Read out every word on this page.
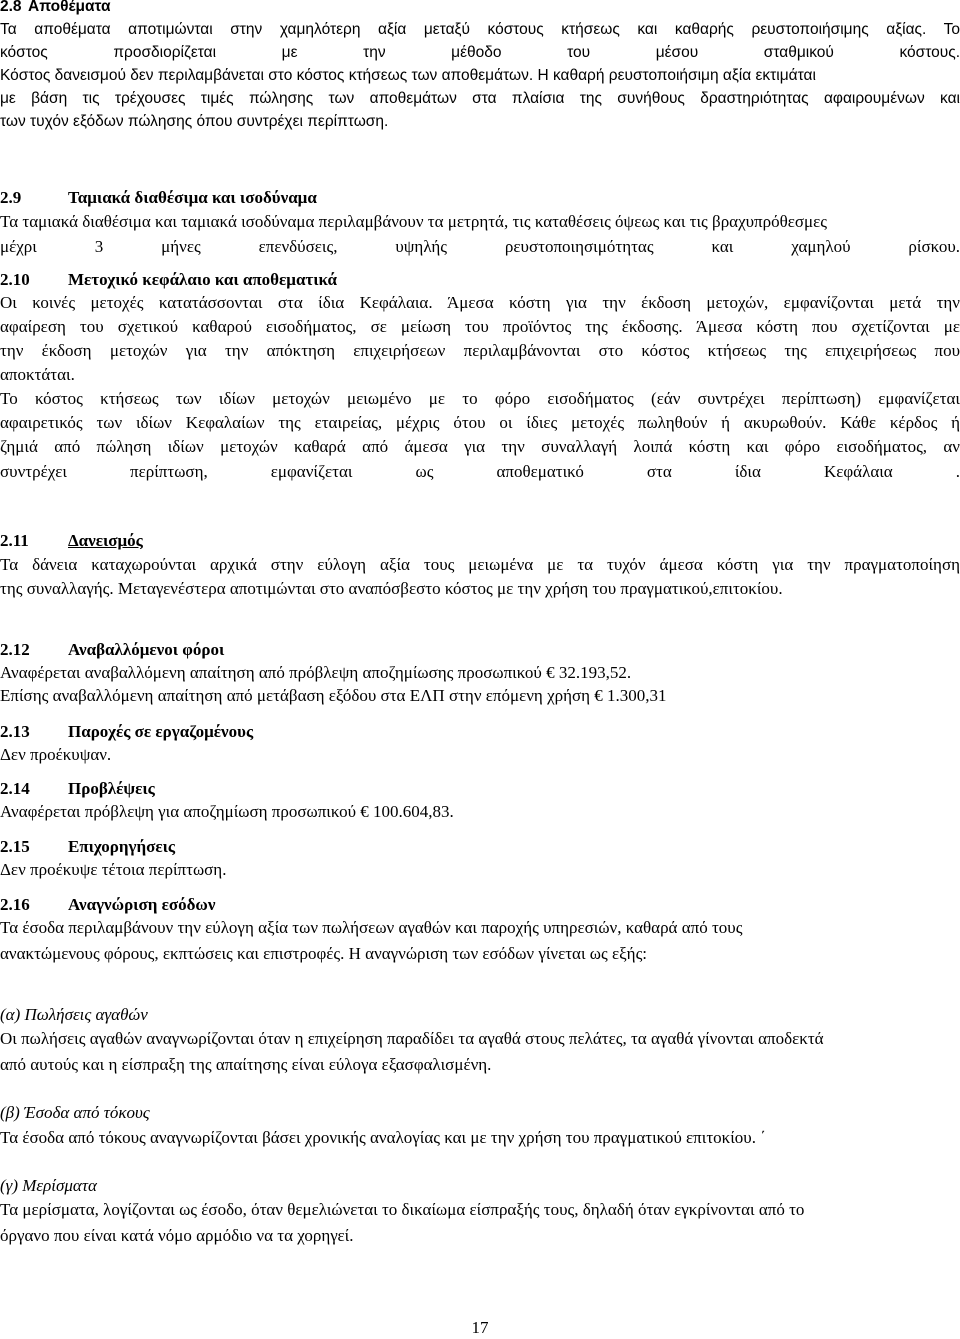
2.8 Αποθέματα
Τα αποθέματα αποτιμώνται στην χαμηλότερη αξία μεταξύ κόστους κτήσεως και καθαρής ρευστοποιήσιμης αξίας. Το
κόστος προσδιορίζεται με την μέθοδο του μέσου σταθμικού κόστους.
Κόστος δανεισμού δεν περιλαμβάνεται στο κόστος κτήσεως των αποθεμάτων. Η καθαρή ρευστοποιήσιμη αξία εκτιμάται
με βάση τις τρέχουσες τιμές πώλησης των αποθεμάτων στα πλαίσια της συνήθους δραστηριότητας αφαιρουμένων και
των τυχόν εξόδων πώλησης όπου συντρέχει περίπτωση.
2.9	Ταμιακά διαθέσιμα και ισοδύναμα
Τα ταμιακά διαθέσιμα και ταμιακά ισοδύναμα περιλαμβάνουν τα μετρητά, τις καταθέσεις όψεως και τις βραχυπρόθεσμες
μέχρι 3 μήνες επενδύσεις, υψηλής ρευστοποιησιμότητας και χαμηλού ρίσκου.
2.10 Μετοχικό κεφάλαιο και αποθεματικά
Οι κοινές μετοχές κατατάσσονται στα ίδια Κεφάλαια. Άμεσα κόστη για την έκδοση μετοχών, εμφανίζονται μετά την
αφαίρεση του σχετικού καθαρού εισοδήματος, σε μείωση του προϊόντος της έκδοσης. Άμεσα κόστη που σχετίζονται με
την έκδοση μετοχών για την απόκτηση επιχειρήσεων περιλαμβάνονται στο κόστος κτήσεως της επιχειρήσεως που
αποκτάται.
Το κόστος κτήσεως των ιδίων μετοχών μειωμένο με το φόρο εισοδήματος (εάν συντρέχει περίπτωση) εμφανίζεται
αφαιρετικός των ιδίων Κεφαλαίων της εταιρείας, μέχρις ότου οι ίδιες μετοχές πωληθούν ή ακυρωθούν. Κάθε κέρδος ή
ζημιά από πώληση ιδίων μετοχών καθαρά από άμεσα για την συναλλαγή λοιπά κόστη και φόρο εισοδήματος, αν
συντρέχει περίπτωση, εμφανίζεται ως αποθεματικό στα ίδια Κεφάλαια .
2.11 Δανεισμός
Τα δάνεια καταχωρούνται αρχικά στην εύλογη αξία τους μειωμένα με τα τυχόν άμεσα κόστη για την πραγματοποίηση
της συναλλαγής. Μεταγενέστερα αποτιμώνται στο αναπόσβεστο κόστος με την χρήση του πραγματικού,επιτοκίου.
2.12 Αναβαλλόμενοι φόροι
Αναφέρεται αναβαλλόμενη απαίτηση από πρόβλεψη αποζημίωσης προσωπικού € 32.193,52.
Επίσης αναβαλλόμενη απαίτηση από μετάβαση εξόδου στα ΕΛΠ στην επόμενη χρήση € 1.300,31
2.13 Παροχές σε εργαζομένους
Δεν προέκυψαν.
2.14 Προβλέψεις
Αναφέρεται πρόβλεψη για αποζημίωση προσωπικού € 100.604,83.
2.15 Επιχορηγήσεις
Δεν προέκυψε τέτοια περίπτωση.
2.16 Αναγνώριση εσόδων
Τα έσοδα περιλαμβάνουν την εύλογη αξία των πωλήσεων αγαθών και παροχής υπηρεσιών, καθαρά από τους
ανακτώμενους φόρους, εκπτώσεις και επιστροφές. Η αναγνώριση των εσόδων γίνεται ως εξής:
(α) Πωλήσεις αγαθών
Οι πωλήσεις αγαθών αναγνωρίζονται όταν η επιχείρηση παραδίδει τα αγαθά στους πελάτες, τα αγαθά γίνονται αποδεκτά
από αυτούς και η είσπραξη της απαίτησης είναι εύλογα εξασφαλισμένη.
(β) Έσοδα από τόκους
Τα έσοδα από τόκους αναγνωρίζονται βάσει χρονικής αναλογίας και με την χρήση του πραγματικού επιτοκίου. ΄
(γ) Μερίσματα
Τα μερίσματα, λογίζονται ως έσοδο, όταν θεμελιώνεται το δικαίωμα είσπραξής τους, δηλαδή όταν εγκρίνονται από το
όργανο που είναι κατά νόμο αρμόδιο να τα χορηγεί.
17
